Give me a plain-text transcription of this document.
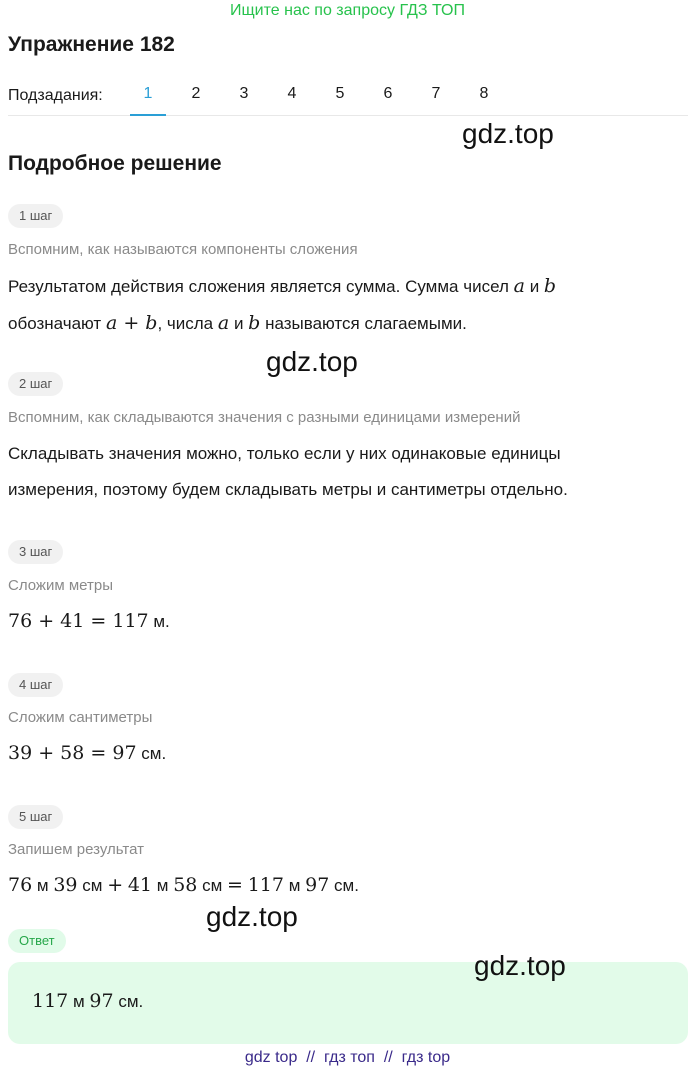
Ищите нас по запросу ГДЗ ТОП
Упражнение 182
Подзадания:	1	2	3	4	5	6	7	8
gdz.top
Подробное решение
1 шаг
Вспомним, как называются компоненты сложения
Результатом действия сложения является сумма. Сумма чисел a и b
обозначают a + b, числа a и b называются слагаемыми.
gdz.top
2 шаг
Вспомним, как складываются значения с разными единицами измерений
Складывать значения можно, только если у них одинаковые единицы
измерения, поэтому будем складывать метры и сантиметры отдельно.
3 шаг
Сложим метры
76 + 41 = 117 м.
4 шаг
Сложим сантиметры
39 + 58 = 97 см.
5 шаг
Запишем результат
76 м 39 см + 41 м 58 см = 117 м 97 см.
gdz.top
Ответ
117 м 97 см.
gdz.top
gdz top // гдз топ // гдз top
